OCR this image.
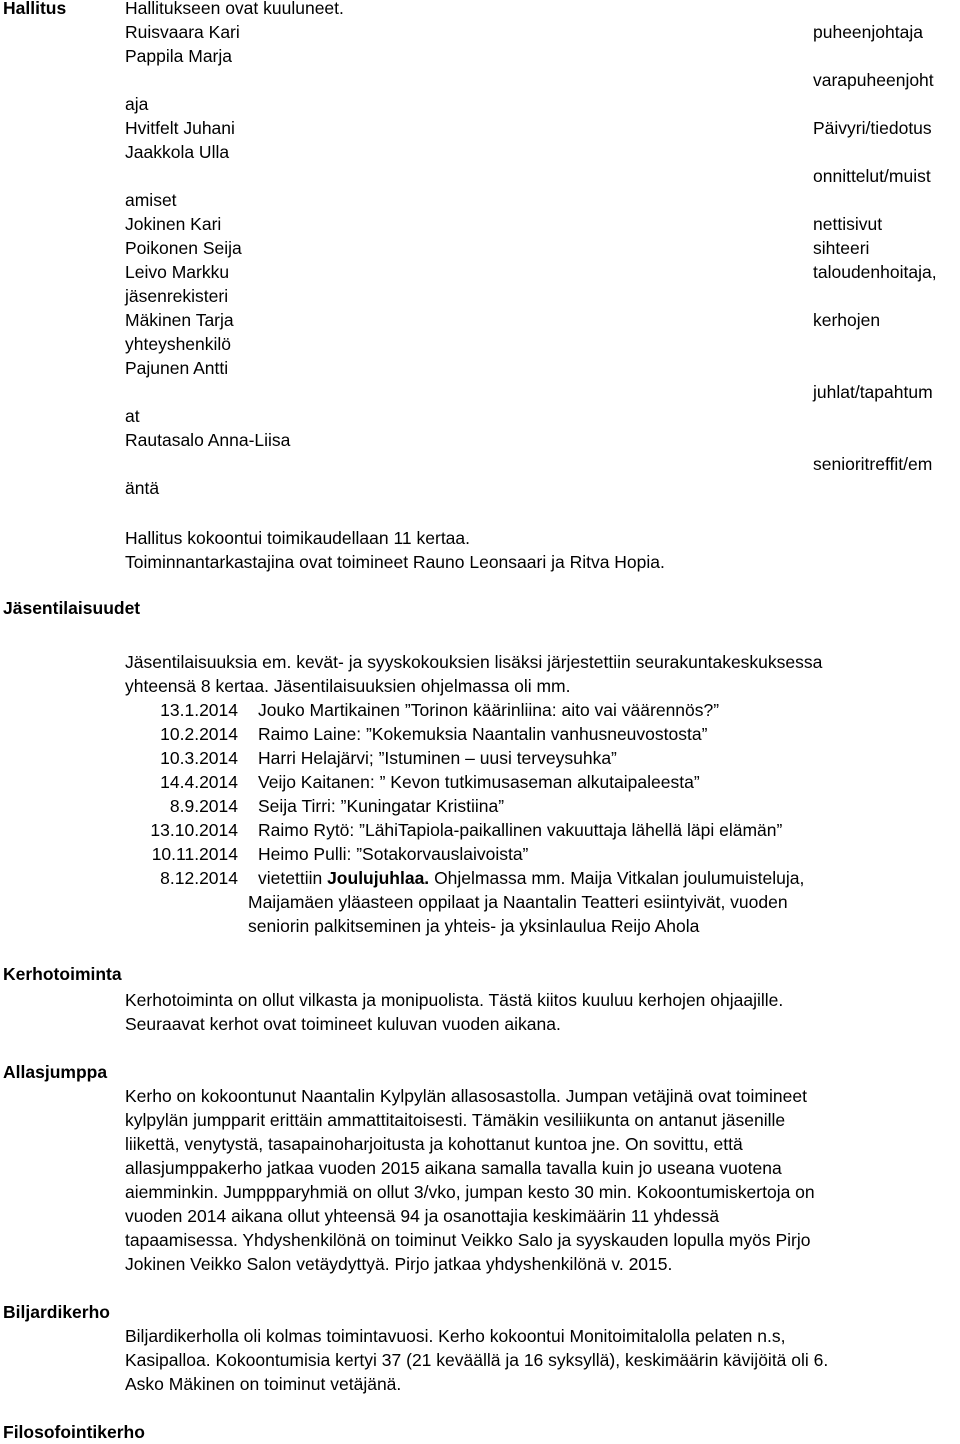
Hallitus	Hallitukseen ovat kuuluneet.
Ruisvaara Kari
Pappila Marja
aja
Hvitfelt Juhani
Jaakkola Ulla
amiset
Jokinen Kari
Poikonen Seija
Leivo Markku
jäsenrekisteri
Mäkinen Tarja
yhteyshenkilö
Pajunen Antti
at
Rautasalo Anna-Liisa
äntä
puheenjohtaja
varapuheenjoht
Päivyri/tiedotus
onnittelut/muist
nettisivut
sihteeri
taloudenhoitaja,
kerhojen
juhlat/tapahtum
senioritreffit/em
Hallitus kokoontui toimikaudellaan 11 kertaa.
Toiminnantarkastajina ovat toimineet Rauno Leonsaari ja Ritva Hopia.
Jäsentilaisuudet
Jäsentilaisuuksia em. kevät- ja syyskokouksien lisäksi järjestettiin seurakuntakeskuksessa
yhteensä 8 kertaa. Jäsentilaisuuksien ohjelmassa oli mm.
13.1.2014 Jouko Martikainen ”Torinon käärinliina: aito vai väärennös?”
10.2.2014 Raimo Laine: ”Kokemuksia Naantalin vanhusneuvostosta”
10.3.2014 Harri Helajärvi; ”Istuminen – uusi terveysuhka”
14.4.2014 Veijo Kaitanen: ” Kevon tutkimusaseman alkutaipaleesta”
8.9.2014 Seija Tirri: ”Kuningatar Kristiina”
13.10.2014 Raimo Rytö: ”LähiTapiola-paikallinen vakuuttaja lähellä läpi elämän”
10.11.2014 Heimo Pulli: ”Sotakorvauslaivoista”
8.12.2014 vietettiin Joulujuhlaa. Ohjelmassa mm. Maija Vitkalan joulumuisteluja,
Maijamäen yläasteen oppilaat ja Naantalin Teatteri esiintyivät, vuoden
seniorin palkitseminen ja yhteis- ja yksinlaulua Reijo Ahola
Kerhotoiminta
Kerhotoiminta on ollut vilkasta ja monipuolista. Tästä kiitos kuuluu kerhojen ohjaajille.
Seuraavat kerhot ovat toimineet kuluvan vuoden aikana.
Allasjumppa
Kerho on kokoontunut Naantalin Kylpylän allasosastolla. Jumpan vetäjinä ovat toimineet
kylpylän jumpparit erittäin ammattitaitoisesti. Tämäkin vesiliikunta on antanut jäsenille
liikettä, venytystä, tasapainoharjoitusta ja kohottanut kuntoa jne. On sovittu, että
allasjumppakerho jatkaa vuoden 2015 aikana samalla tavalla kuin jo useana vuotena
aiemminkin. Jumppparyhmiä on ollut 3/vko, jumpan kesto 30 min. Kokoontumiskertoja on
vuoden 2014 aikana ollut yhteensä 94 ja osanottajia keskimäärin 11 yhdessä
tapaamisessa. Yhdyshenkilönä on toiminut Veikko Salo ja syyskauden lopulla myös Pirjo
Jokinen Veikko Salon vetäydyttyä. Pirjo jatkaa yhdyshenkilönä v. 2015.
Biljardikerho
Biljardikerholla oli kolmas toimintavuosi. Kerho kokoontui Monitoimitalolla pelaten n.s,
Kasipalloa. Kokoontumisia kertyi 37 (21 keväällä ja 16 syksyllä), keskimäärin kävijöitä oli 6.
Asko Mäkinen on toiminut vetäjänä.
Filosofointikerho
